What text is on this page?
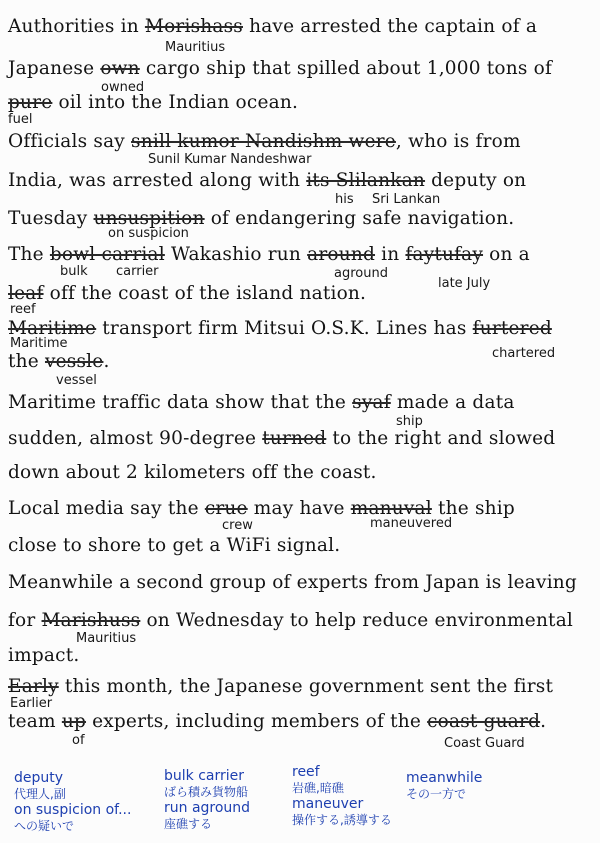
Authorities in Morishass have arrested the captain of a
Mauritius
Japanese own cargo ship that spilled about 1,000 tons of
owned
pure oil into the Indian ocean.
fuel
Officials say snill kumor Nandishm were, who is from
Sunil Kumar Nandeshwar
India, was arrested along with its Slilankan deputy on
his Sri Lankan
Tuesday unsuspition of endangering safe navigation.
on suspicion
The bowl carrial Wakashio run around in faytufay on a
bulk carrier	aground
late July
leaf off the coast of the island nation.
reef
Maritime transport firm Mitsui O.S.K. Lines has furtered
Maritime
chartered
the vessle.
vessel
Maritime traffic data show that the syaf made a data
ship
sudden, almost 90-degree turned to the right and slowed
down about 2 kilometers off the coast.
Local media say the crue may have manuval the ship
crew	maneuvered
close to shore to get a WiFi signal.
Meanwhile a second group of experts from Japan is leaving
for Marishuss on Wednesday to help reduce environmental
Mauritius
impact.
Early this month, the Japanese government sent the first
Earlier
team up experts, including members of the coast guard.
of	Coast Guard
deputy
代理人,副
on suspicion of...
への疑いで
bulk carrier
ばら積み貨物船
run aground
座礁する
reef
岩礁,暗礁
maneuver
操作する,誘導する
meanwhile
その一方で
